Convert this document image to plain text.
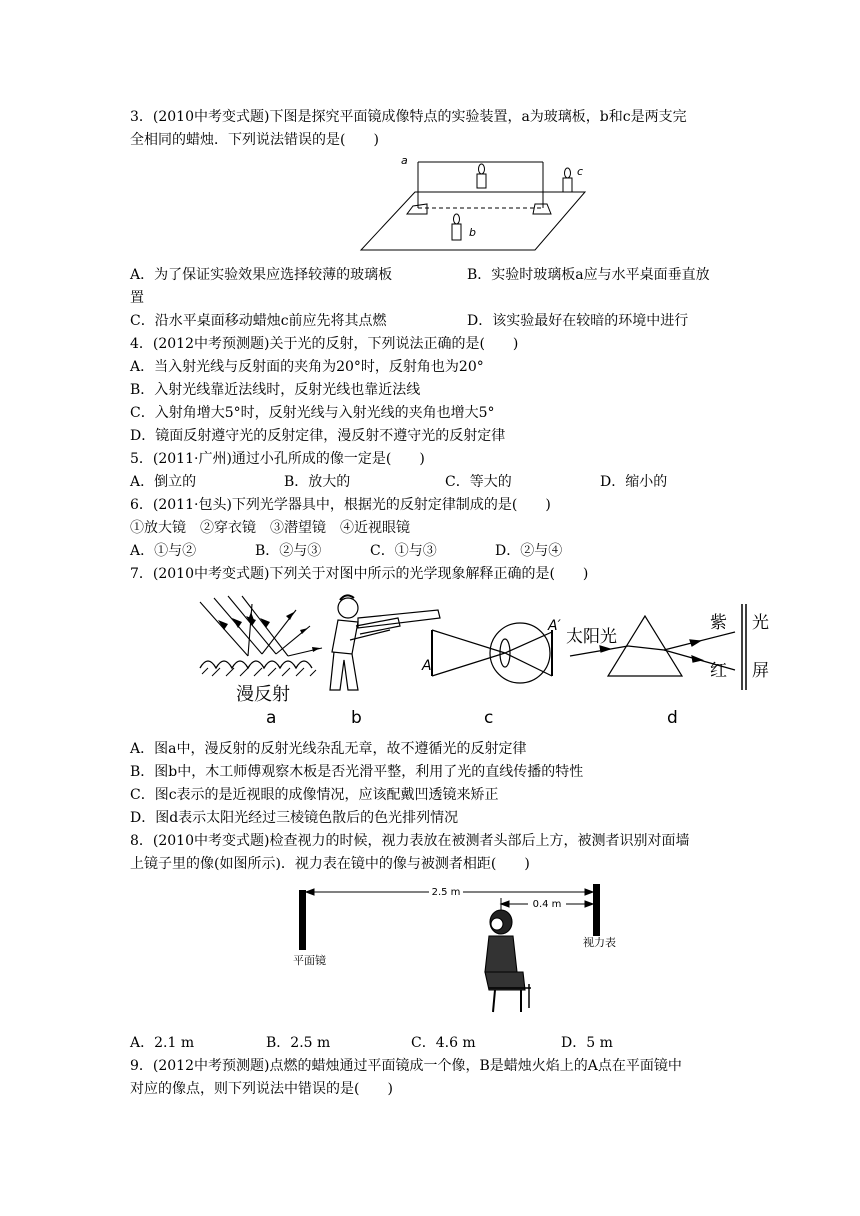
3．(2010中考变式题)下图是探究平面镜成像特点的实验装置，a为玻璃板，b和c是两支完
全相同的蜡烛．下列说法错误的是(　　)
a
c
b
A．为了保证实验效果应选择较薄的玻璃板	B．实验时玻璃板a应与水平桌面垂直放
置
C．沿水平桌面移动蜡烛c前应先将其点燃	D．该实验最好在较暗的环境中进行
4．(2012中考预测题)关于光的反射，下列说法正确的是(　　)
A．当入射光线与反射面的夹角为20°时，反射角也为20°
B．入射光线靠近法线时，反射光线也靠近法线
C．入射角增大5°时，反射光线与入射光线的夹角也增大5°
D．镜面反射遵守光的反射定律，漫反射不遵守光的反射定律
5．(2011·广州)通过小孔所成的像一定是(　　)
A．倒立的	B．放大的	C．等大的	D．缩小的
6．(2011·包头)下列光学器具中，根据光的反射定律制成的是(　　)
①放大镜　②穿衣镜　③潜望镜　④近视眼镜
A．①与②	B．②与③	C．①与③	D．②与④
7．(2010中考变式题)下列关于对图中所示的光学现象解释正确的是(　　)
漫反射
A
A′
太阳光
紫
红
光
屏
a	b	c	d
A．图a中，漫反射的反射光线杂乱无章，故不遵循光的反射定律
B．图b中，木工师傅观察木板是否光滑平整，利用了光的直线传播的特性
C．图c表示的是近视眼的成像情况，应该配戴凹透镜来矫正
D．图d表示太阳光经过三棱镜色散后的色光排列情况
8．(2010中考变式题)检查视力的时候，视力表放在被测者头部后上方，被测者识别对面墙
上镜子里的像(如图所示)．视力表在镜中的像与被测者相距(　　)
2.5 m
0.4 m
平面镜
视力表
A．2.1 m	B．2.5 m	C．4.6 m	D．5 m
9．(2012中考预测题)点燃的蜡烛通过平面镜成一个像，B是蜡烛火焰上的A点在平面镜中
对应的像点，则下列说法中错误的是(　　)
